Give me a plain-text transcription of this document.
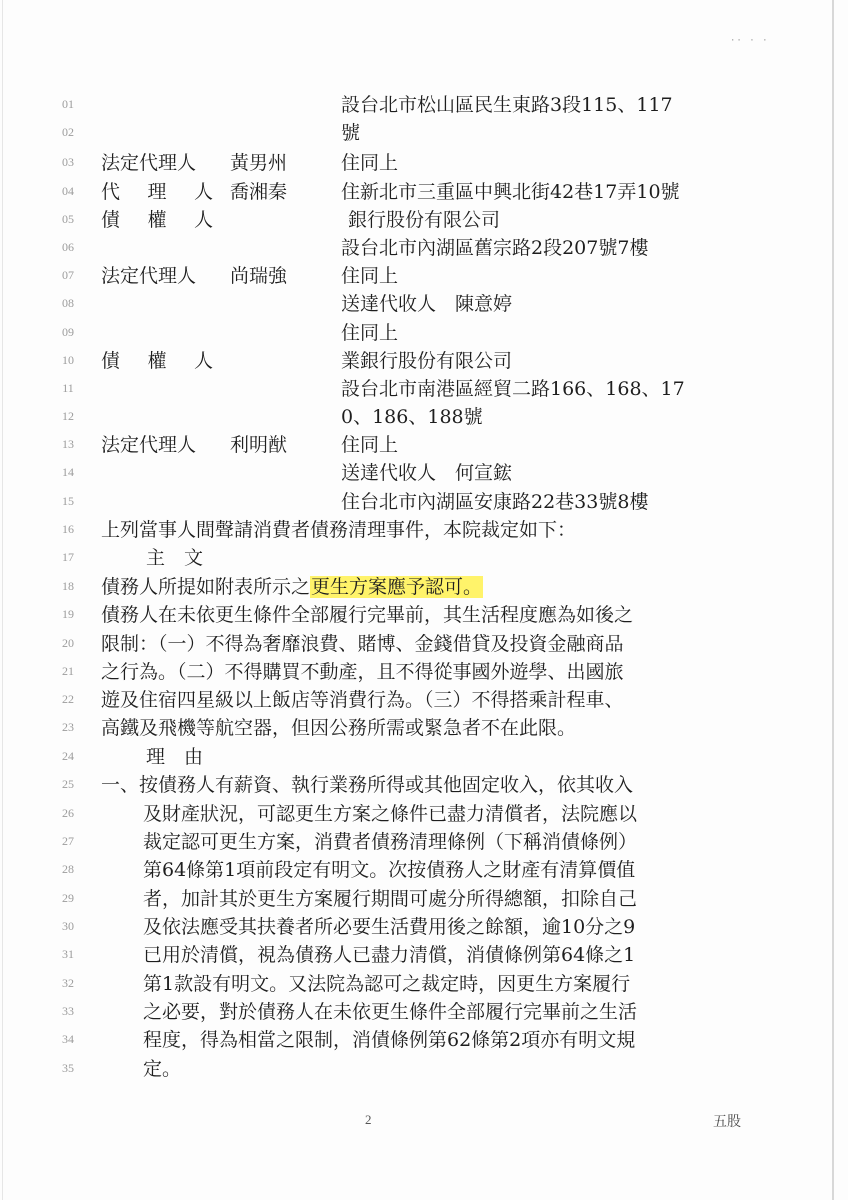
·· · ·
01
02
03
04
05
06
07
08
09
10
11
12
13
14
15
16
17
18
19
20
21
22
23
24
25
26
27
28
29
30
31
32
33
34
35
設台北市松山區民生東路3段115、117
號
法定代理人 黃男州	住同上
代 理 人 喬湘秦	住新北市三重區中興北街42巷17弄10號
債 權 人	銀行股份有限公司
設台北市內湖區舊宗路2段207號7樓
法定代理人 尚瑞強	住同上
送達代收人　陳意婷
住同上
債 權 人	業銀行股份有限公司
設台北市南港區經貿二路166、168、17
0、186、188號
法定代理人 利明猷	住同上
送達代收人　何宣鋐
住台北市內湖區安康路22巷33號8樓
上列當事人間聲請消費者債務清理事件，本院裁定如下：
主　文
債務人所提如附表所示之更生方案應予認可。
債務人在未依更生條件全部履行完畢前，其生活程度應為如後之
限制：（一）不得為奢靡浪費、賭博、金錢借貸及投資金融商品
之行為。（二）不得購買不動產，且不得從事國外遊學、出國旅
遊及住宿四星級以上飯店等消費行為。（三）不得搭乘計程車、
高鐵及飛機等航空器，但因公務所需或緊急者不在此限。
理　由
一、按債務人有薪資、執行業務所得或其他固定收入，依其收入
及財產狀況，可認更生方案之條件已盡力清償者，法院應以
裁定認可更生方案，消費者債務清理條例（下稱消債條例）
第64條第1項前段定有明文。次按債務人之財產有清算價值
者，加計其於更生方案履行期間可處分所得總額，扣除自己
及依法應受其扶養者所必要生活費用後之餘額，逾10分之9
已用於清償，視為債務人已盡力清償，消債條例第64條之1
第1款設有明文。又法院為認可之裁定時，因更生方案履行
之必要，對於債務人在未依更生條件全部履行完畢前之生活
程度，得為相當之限制，消債條例第62條第2項亦有明文規
定。
2	五股
